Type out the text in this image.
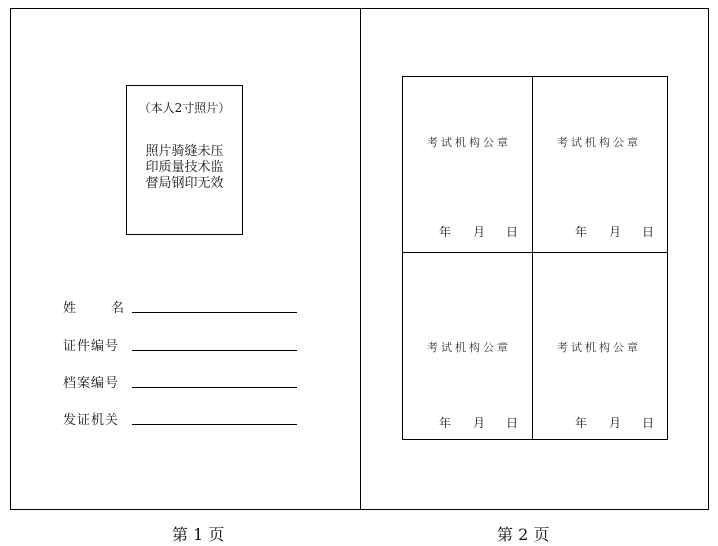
（本人2寸照片）
照片骑缝未压
印质量技术监
督局钢印无效
姓	名
证件编号
档案编号
发证机关
考试机构公章
年 月 日
考试机构公章
年 月 日
考试机构公章
年 月 日
考试机构公章
年 月 日
第 1 页	第 2 页
